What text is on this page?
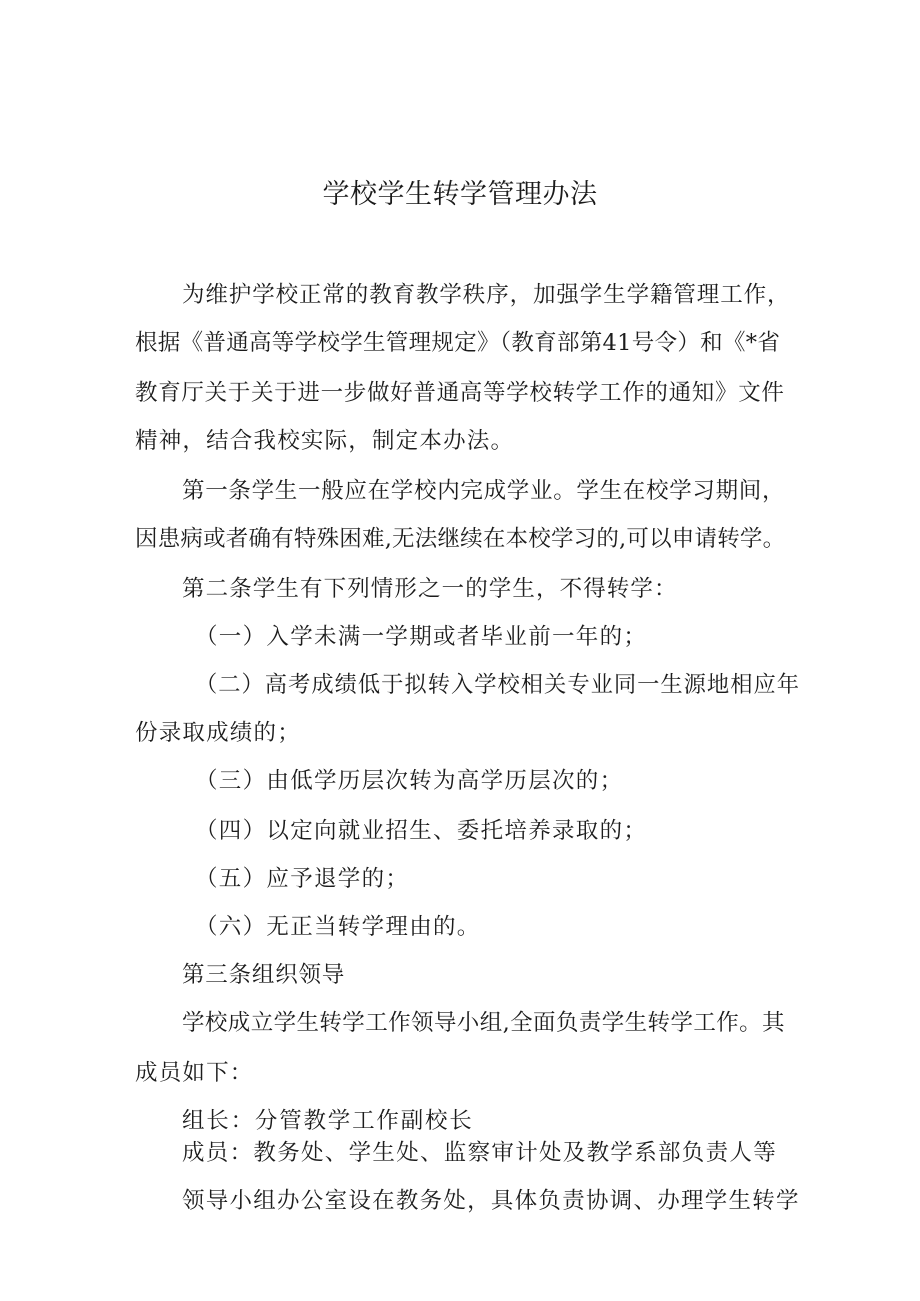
学校学生转学管理办法

为维护学校正常的教育教学秩序，加强学生学籍管理工作，

根据《普通高等学校学生管理规定》（教育部第41号令）和《*省

教育厅关于关于进一步做好普通高等学校转学工作的通知》文件

精神，结合我校实际，制定本办法。

第一条学生一般应在学校内完成学业。学生在校学习期间，

因患病或者确有特殊困难,无法继续在本校学习的,可以申请转学。

第二条学生有下列情形之一的学生，不得转学：

（一）入学未满一学期或者毕业前一年的；

（二）高考成绩低于拟转入学校相关专业同一生源地相应年

份录取成绩的；

（三）由低学历层次转为高学历层次的；

（四）以定向就业招生、委托培养录取的；

（五）应予退学的；

（六）无正当转学理由的。

第三条组织领导

学校成立学生转学工作领导小组,全面负责学生转学工作。其

成员如下：

组长：分管教学工作副校长

成员：教务处、学生处、监察审计处及教学系部负责人等

领导小组办公室设在教务处，具体负责协调、办理学生转学
